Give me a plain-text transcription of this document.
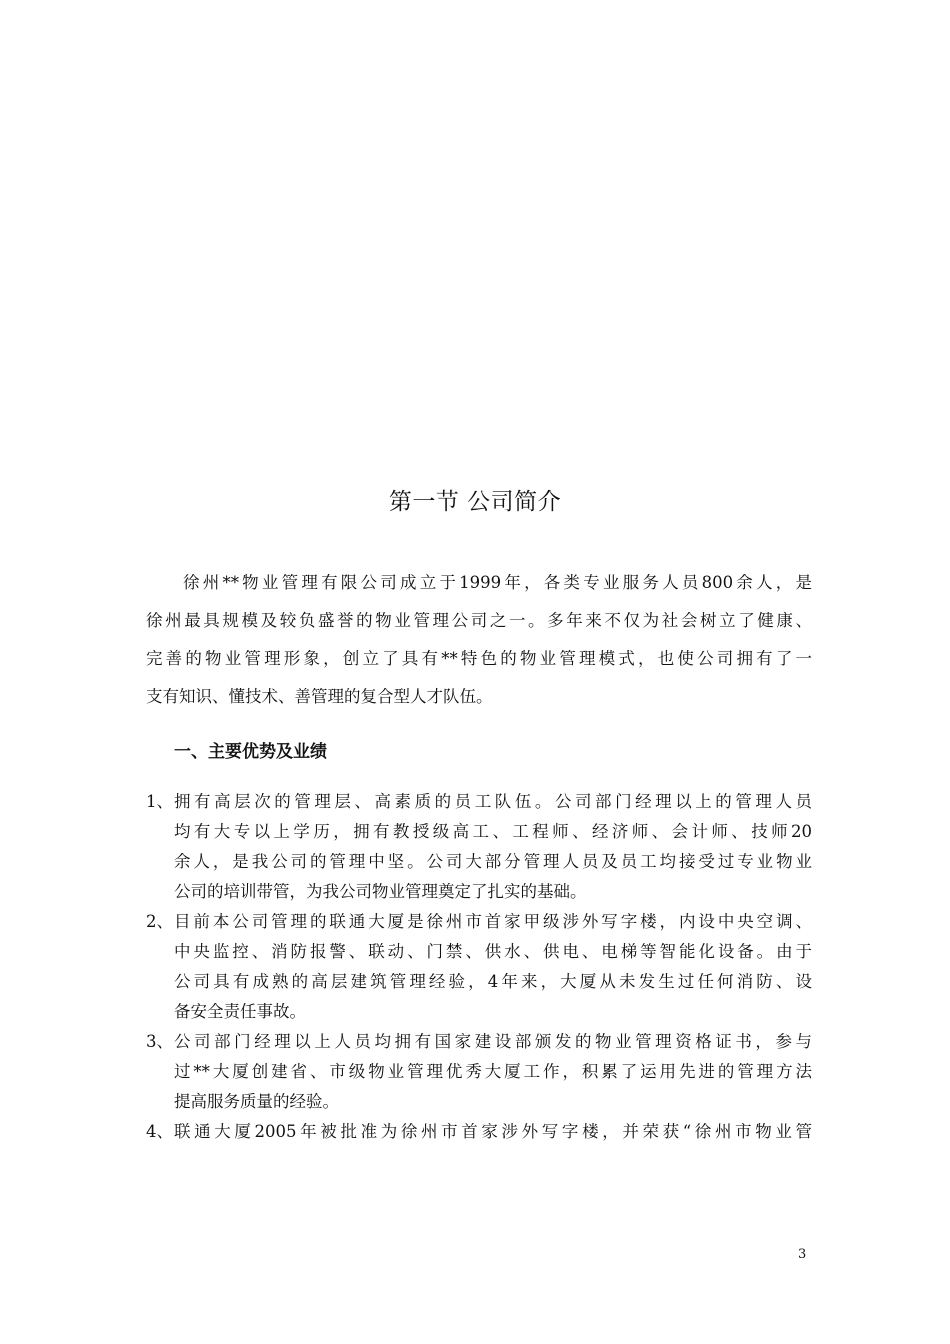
第一节 公司简介
徐州**物业管理有限公司成立于1999年，各类专业服务人员800余人，是
徐州最具规模及较负盛誉的物业管理公司之一。多年来不仅为社会树立了健康、
完善的物业管理形象，创立了具有**特色的物业管理模式，也使公司拥有了一
支有知识、懂技术、善管理的复合型人才队伍。
一、主要优势及业绩
1、 拥有高层次的管理层、高素质的员工队伍。公司部门经理以上的管理人员
均有大专以上学历，拥有教授级高工、工程师、经济师、会计师、技师20
余人，是我公司的管理中坚。公司大部分管理人员及员工均接受过专业物业
公司的培训带管，为我公司物业管理奠定了扎实的基础。
2、 目前本公司管理的联通大厦是徐州市首家甲级涉外写字楼，内设中央空调、
中央监控、消防报警、联动、门禁、供水、供电、电梯等智能化设备。由于
公司具有成熟的高层建筑管理经验，4年来，大厦从未发生过任何消防、设
备安全责任事故。
3、 公司部门经理以上人员均拥有国家建设部颁发的物业管理资格证书，参与
过**大厦创建省、市级物业管理优秀大厦工作，积累了运用先进的管理方法
提高服务质量的经验。
4、 联通大厦2005年被批准为徐州市首家涉外写字楼，并荣获“徐州市物业管
3
